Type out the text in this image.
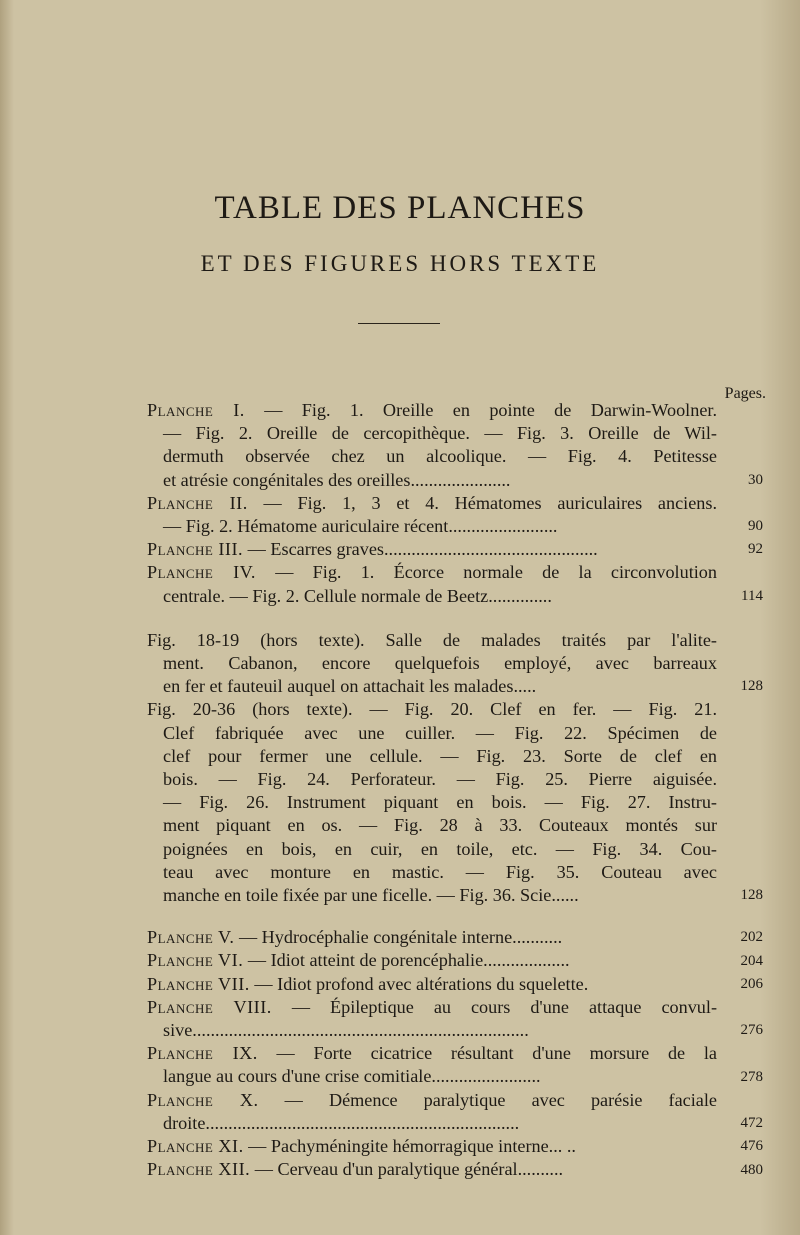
TABLE DES PLANCHES
ET DES FIGURES HORS TEXTE
Pages.
Planche I. — Fig. 1. Oreille en pointe de Darwin-Woolner.
— Fig. 2. Oreille de cercopithèque. — Fig. 3. Oreille de Wil-
dermuth observée chez un alcoolique. — Fig. 4. Petitesse
et atrésie congénitales des oreilles......................	30
Planche II. — Fig. 1, 3 et 4. Hématomes auriculaires anciens.
— Fig. 2. Hématome auriculaire récent........................	90
Planche III. — Escarres graves...............................................	92
Planche IV. — Fig. 1. Écorce normale de la circonvolution
centrale. — Fig. 2. Cellule normale de Beetz..............	114
Fig. 18-19 (hors texte). Salle de malades traités par l'alite-
ment. Cabanon, encore quelquefois employé, avec barreaux
en fer et fauteuil auquel on attachait les malades.....	128
Fig. 20-36 (hors texte). — Fig. 20. Clef en fer. — Fig. 21.
Clef fabriquée avec une cuiller. — Fig. 22. Spécimen de
clef pour fermer une cellule. — Fig. 23. Sorte de clef en
bois. — Fig. 24. Perforateur. — Fig. 25. Pierre aiguisée.
— Fig. 26. Instrument piquant en bois. — Fig. 27. Instru-
ment piquant en os. — Fig. 28 à 33. Couteaux montés sur
poignées en bois, en cuir, en toile, etc. — Fig. 34. Cou-
teau avec monture en mastic. — Fig. 35. Couteau avec
manche en toile fixée par une ficelle. — Fig. 36. Scie......	128
Planche V. — Hydrocéphalie congénitale interne...........	202
Planche VI. — Idiot atteint de porencéphalie...................	204
Planche VII. — Idiot profond avec altérations du squelette.	206
Planche VIII. — Épileptique au cours d'une attaque convul-
sive..........................................................................	276
Planche IX. — Forte cicatrice résultant d'une morsure de la
langue au cours d'une crise comitiale........................	278
Planche X. — Démence paralytique avec parésie faciale
droite.....................................................................	472
Planche XI. — Pachyméningite hémorragique interne... ..	476
Planche XII. — Cerveau d'un paralytique général..........	480
